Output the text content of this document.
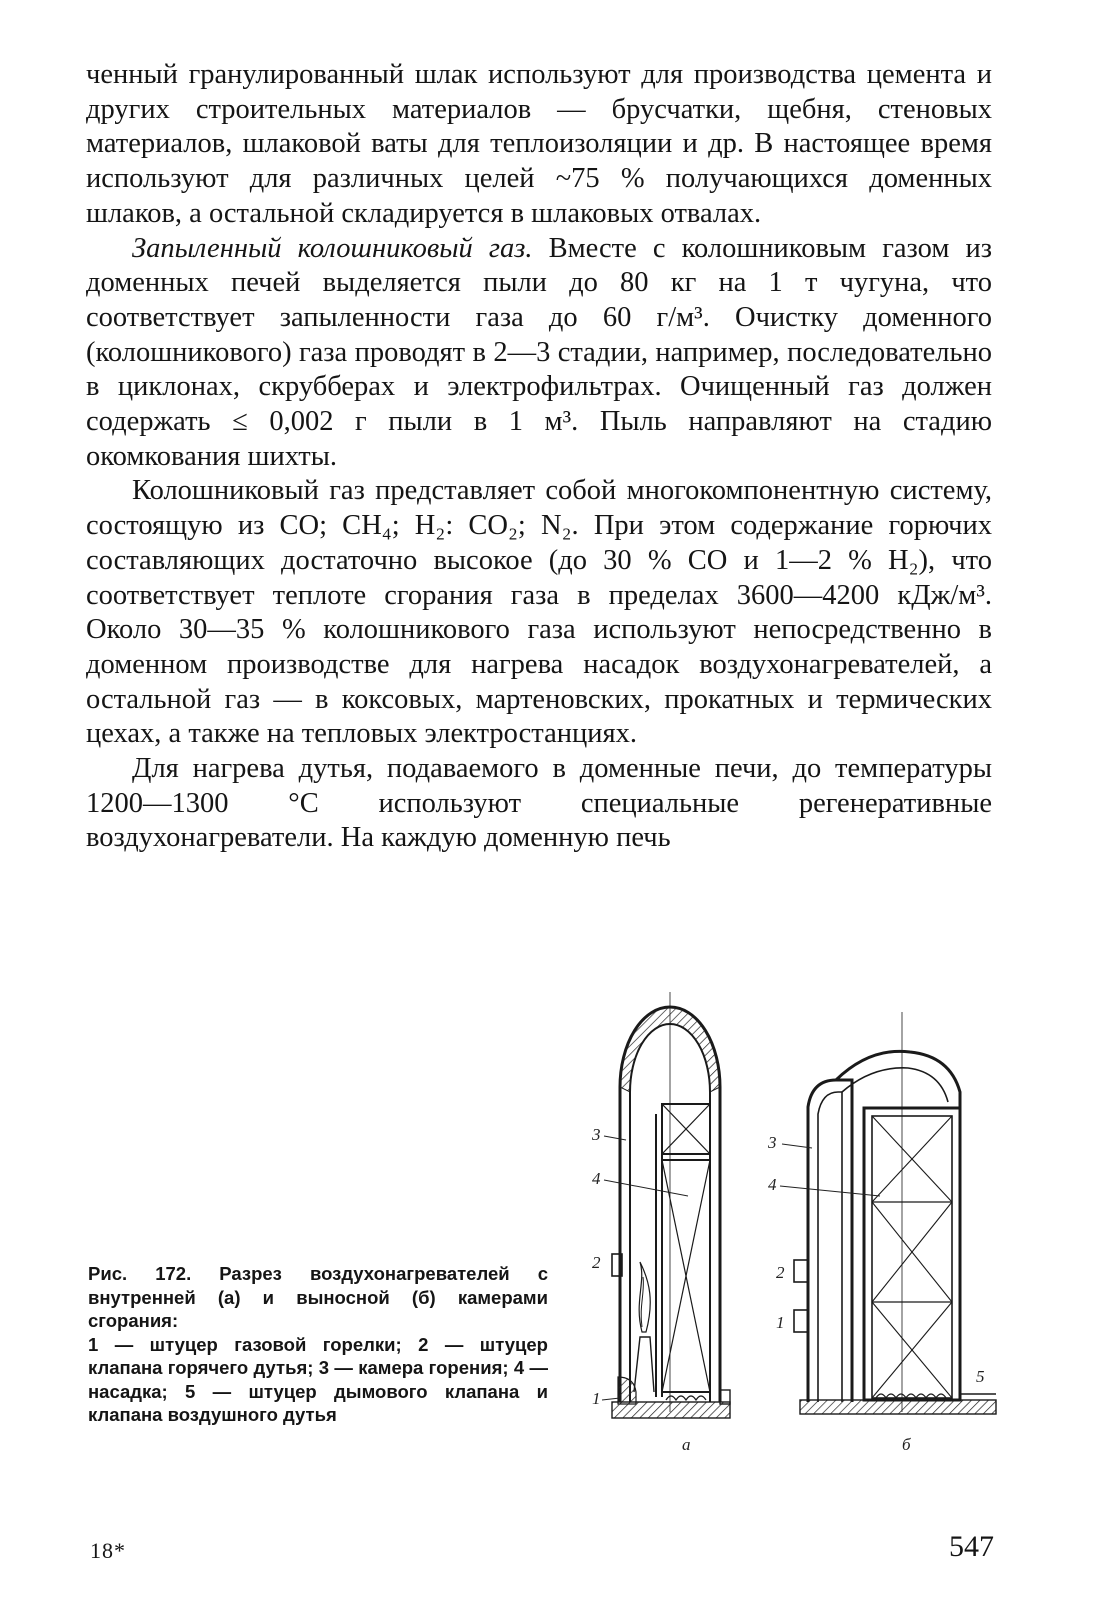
ченный гранулированный шлак используют для производства цемента и других строительных материалов — брусчатки, щебня, стеновых материалов, шлаковой ваты для теплоизоляции и др. В настоящее время используют для различных целей ~75 % получающихся доменных шлаков, а остальной складируется в шлаковых отвалах.

Запыленный колошниковый газ. Вместе с колошниковым газом из доменных печей выделяется пыли до 80 кг на 1 т чугуна, что соответствует запыленности газа до 60 г/м³. Очистку доменного (колошникового) газа проводят в 2—3 стадии, например, последовательно в циклонах, скрубберах и электрофильтрах. Очищенный газ должен содержать ≤ 0,002 г пыли в 1 м³. Пыль направляют на стадию окомкования шихты.

Колошниковый газ представляет собой многокомпонентную систему, состоящую из CO; CH₄; H₂: CO₂; N₂. При этом содержание горючих составляющих достаточно высокое (до 30 % CO и 1—2 % H₂), что соответствует теплоте сгорания газа в пределах 3600—4200 кДж/м³. Около 30—35 % колошникового газа используют непосредственно в доменном производстве для нагрева насадок воздухонагревателей, а остальной газ — в коксовых, мартеновских, прокатных и термических цехах, а также на тепловых электростанциях.

Для нагрева дутья, подаваемого в доменные печи, до температуры 1200—1300 °C используют специальные регенеративные воздухонагреватели. На каждую доменную печь

Рис. 172. Разрез воздухонагревателей с внутренней (а) и выносной (б) камерами сгорания:
1 — штуцер газовой горелки; 2 — штуцер клапана горячего дутья; 3 — камера горения; 4 — насадка; 5 — штуцер дымового клапана и клапана воздушного дутья
3
4
2
1
а
3
4
2
1
5
б
18*	547
